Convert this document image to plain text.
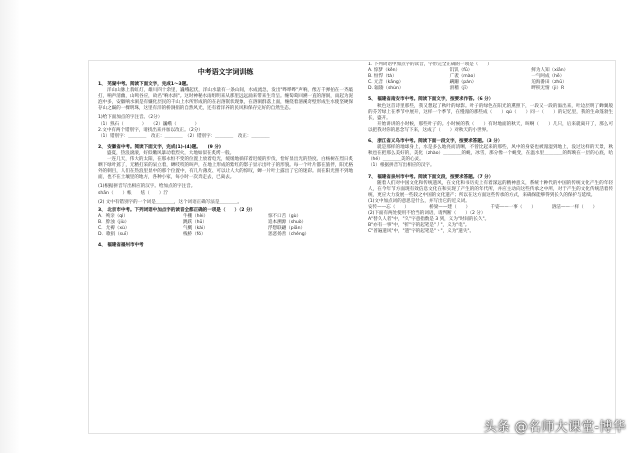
中考语文字词训练
1、 芜湖中考。阅读下面文字，完成1～3题。

洋山山脉上翡虹灯，雄川四十余里，巍峨起伏，洋山水量有一条山间，水成流急，发出"哗哗哗"声响，像万千弹拍在一齐敲打，响声清幽，山鸣谷应，故名"响水洞"。这时神秘水雨组明来从那里远远涌来带来生奇呈。缠萄萄回溯一直的溶洞，雨起为泥泡中多，安徽响水洞是有嫌化层民的千山上水所形成的的在岩溶嵌状现象，在溶洞群落上面，缠绕着溶溪奇壁形成生水使坚硬保存山之巅的一棵明珠，这里有洋的桥涧捐的自然风光，还有着洋养的民风和保存完好的自然生态。

1)给下面加点的字注音。（2分）

（1）熟石（　　　　）　　（2）巍峨（　　　　）

2.文中有两个错别字，请找出来并加以改正。（2分）

（1）错别字：＿＿＿＿　改正：＿＿＿＿　（2）错别字：＿＿＿＿　改正：＿＿＿＿

2、 安徽省中考。阅读下面文字，完成(1)-(4)题。　　(9 分)

盛夏，热浪滚滚，好似嫩风暴动着烈火，大地如似在炙烤一般。

一连几天，伟大的太阳，在那永恒不变的位置上放着电光，缓缓地徜徉着迟缓的步伐，恰好显出光的热度。白杨树在烈日炙晒下绿叶蔫了，无精打采的呆立着，蝉吱吱的叫声，在地上形成的紫红的影子显示出叶子的形貌。每一个叶片都在旅伴，阳光格外的刺目，人们在热浪里显中的那个位置中，有几片薄皮、可以让人大的惊叹，蝉一片叶上露出了它的迷彩。而在阳光照不到地面，也不在土壤里的地方，各种小家，每小时一次奔走去，已离去。

(1)根据拼音写出相应的汉字。给加点的字注音。

shān（　　）帐　　炫（　　）泞

(2) 文中有错别字的一个词是＿＿＿＿，这个词语正确写法是＿＿＿＿。

3、 北京市中考。下列词语中加点字的读音全都正确的一项是（　　）（2 分）
A．殉亲（qì）	牛棚（hèi）	惊不口舌（gù）
B．脖浊（jiù）	跳跃（hū）	追本溯源（shuò）
C．尤褥（xù）	气概（kài）	浮想联翩（piān）
D．歌捐（suī）	栈桥（fó）	惩恶扬善（chéng）
4、 福建省福州市中考

1. 下列词语中加点字的读音，字形完全正确的一项是（　　）

A. 惊梦（kěn）	饥饥（fū）	鲜为人知（xiān）
B. 恒悍（tà）	广袤（mào）	一气呵成（hē）
C. 元音（kāng）	蹒跚（pán）	迫海番田（zhū）
D. 辐辏（shùn）	滑稽（jī）	畔积无情（ji）R
5、 福建省南安市中考。阅读下面文字，按要求作答。（6 分）

秋色这首诗里那些，我又想起了秋叶的绿影。叶子的绿色在阳光的熏照下，一段又一段的溢出来，叶边层明了蝉翼般的芬芳绿上在季节中展开，这样一个季节，在慢漫的那些成（　　）qú（　　）同一（　　）的记忆里，我的生命蓬勃生长，盛开。

开始讲讲的小时候，那些叶子的。小时候的我（　　）有时地面的秋天，叫啊（　　）几只，后来就离开了，那么可以把我对你的思念写下来，这成了（　　）对秋天的小世界。

6、 浙江省义乌市中考。阅读下面一段文字，按要求答题。（3 分）

就是那样的地球身上，水是多么地亮而清晰，不曾比起来的那些，风中的身姿也被漫湿到地上，没过这样的天景，秋秋也在把那么美好的，美化（zhào）＿＿＿＿的蜕，冰雪，那分像一个蜕变，在温水里＿＿＿＿的辉映在一层的心底，哈（hé）＿＿＿＿美的心灵。

（1）根据拼音写出相应的汉字。

7、 福建省泉州市中考。阅读下面文段，按要求答题。（7 分）

随着人们对中国文化和传统遗风，在文化和书历史上有着深远的精神意义，系统十种代的中国的传统文化产生的年轻人，在今年节方面现有效信息文化在和实现了产生的的年代所，并应主动向这些传承之中所，对于产生的文化传统活着传统，更应大力发展一些较之中国的文化遗产；所以在这方面这些传承的方式，来确保能够得到长久的保护与延续。

(1)文中加点词的意思是什么，并写出它的近义词。

安传——忘（　　）	桥梁——建（　　）	千姿——一事（　　）	溶洁——一样（　　）

(2)下面有两处使用不恰当的词语，请判断（　　）（2 分）

A"替久人者"中，"久"字意指数是 3 到，义为"时间的长久"。

B"亦有一事"中，"折"字的起笔是"丿"，义为"电"。

C"普遍遗风"中，"遗"字的起笔是"丶"，义为"遗失"。

头条 @名师大课堂-博华
